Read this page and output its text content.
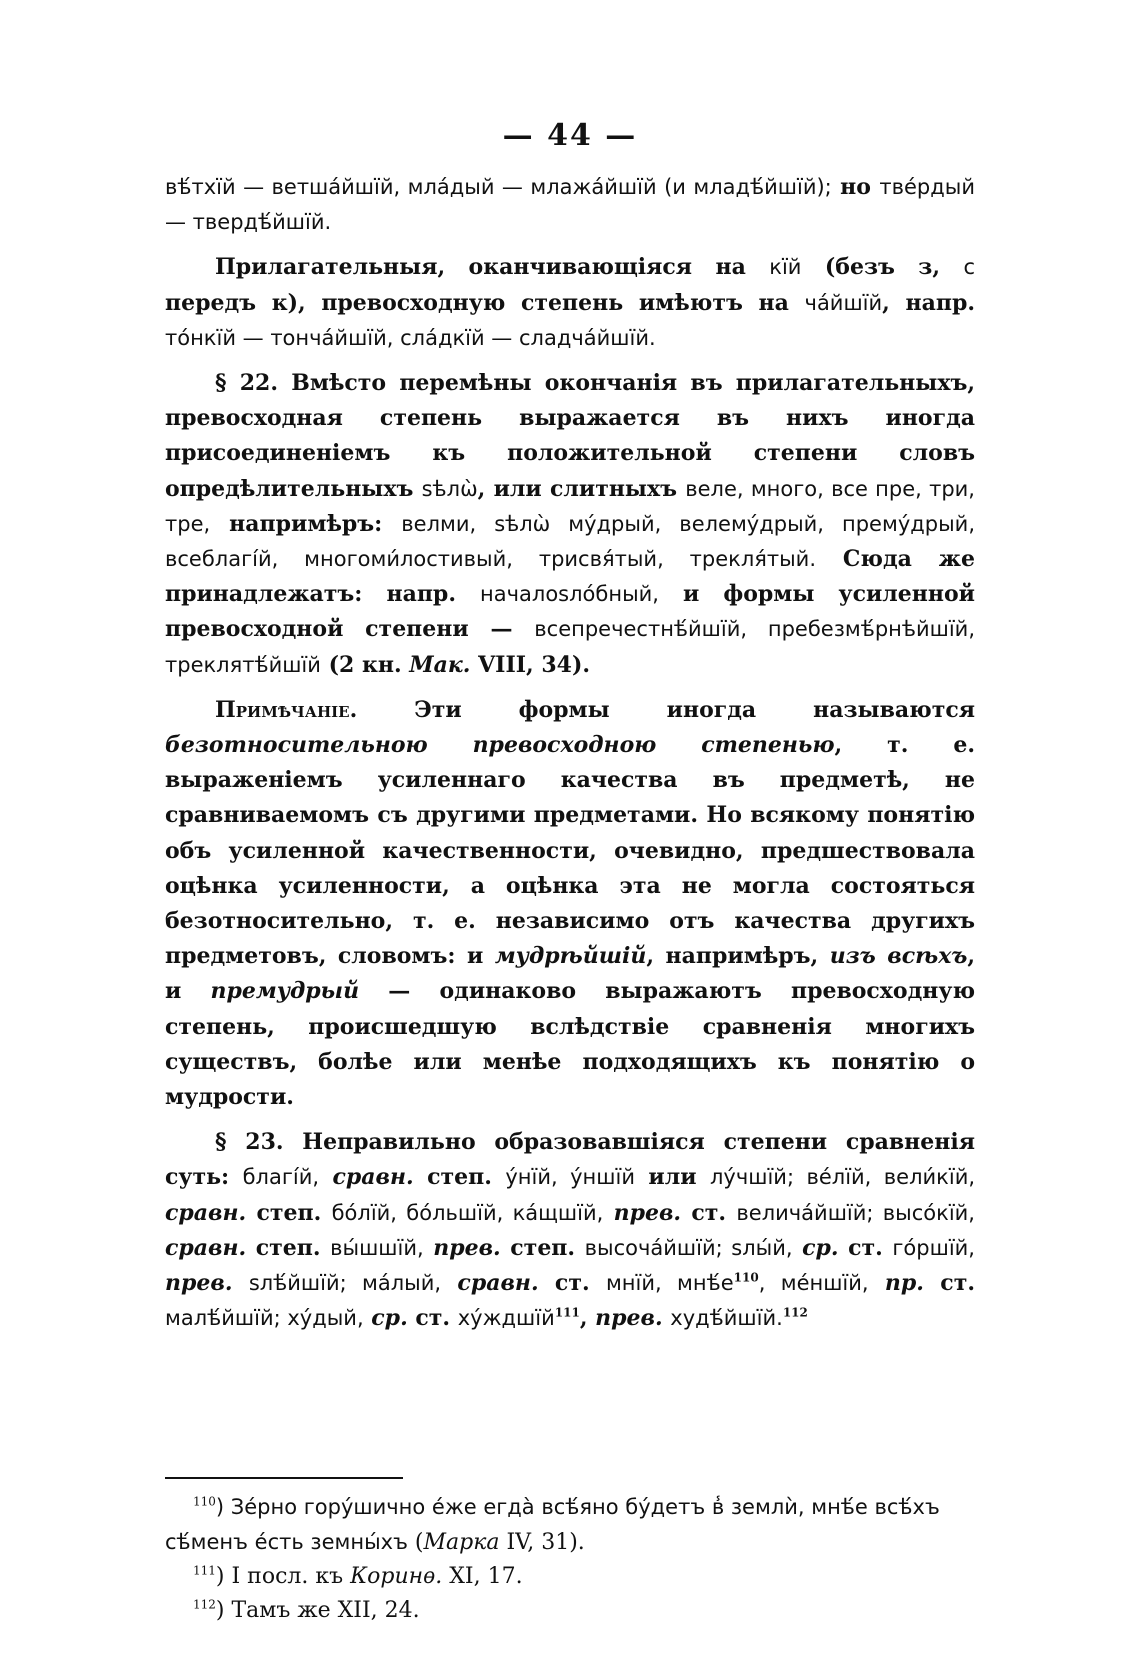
— 44 —

вѣ́тхїй — ветша́йшїй, мла́дый — млажа́йшїй (и младѣ́йшїй); но тве́рдый — твердѣ́йшїй.

Прилагательныя, оканчивающіяся на кїй (безъ з, с передъ к), превосходную степень имѣютъ на ча́йшїй, напр. то́нкїй — тонча́йшїй, сла́дкїй — сладча́йшїй.

§ 22. Вмѣсто перемѣны окончанія въ прилагательныхъ, превосходная степень выражается въ нихъ иногда присоединеніемъ къ положительной степени словъ опредѣлительныхъ ѕѣлѡ̀, или слитныхъ веле, много, все пре, три, тре, напримѣръ: велми, ѕѣлѡ̀ му́дрый, велему́дрый, прему́дрый, всеблагі́й, многоми́лостивый, трисвя́тый, трекля́тый. Сюда же принадлежатъ: напр. началоѕло́бный, и формы усиленной превосходной степени — всепречестнѣ́йшїй, пребезмѣ́рнѣйшїй, треклятѣ́йшїй (2 кн. Мак. VIII, 34).

Примѣчаніе. Эти формы иногда называются безотносительною превосходною степенью, т. е. выраженіемъ усиленнаго качества въ предметѣ, не сравниваемомъ съ другими предметами. Но всякому понятію объ усиленной качественности, очевидно, предшествовала оцѣнка усиленности, а оцѣнка эта не могла состояться безотносительно, т. е. независимо отъ качества другихъ предметовъ, словомъ: и мудрѣйшій, напримѣръ, изъ всѣхъ, и премудрый — одинаково выражаютъ превосходную степень, происшедшую вслѣдствіе сравненія многихъ существъ, болѣе или менѣе подходящихъ къ понятію о мудрости.

§ 23. Неправильно образовавшіяся степени сравненія суть: благі́й, сравн. степ. у́нїй, у́ншїй или лу́чшїй; ве́лїй, вели́кїй, сравн. степ. бо́лїй, бо́льшїй, ка́щшїй, прев. ст. велича́йшїй; высо́кїй, сравн. степ. вы́шшїй, прев. степ. высоча́йшїй; ѕлы́й, ср. ст. го́ршїй, прев. ѕлѣ́йшїй; ма́лый, сравн. ст. мнїй, $мнѣ́е^{110}$, ме́ншїй, пр. ст. малѣ́йшїй; ху́дый, ср. ст. хýждшїй$^{111}$, прев. худѣ́йшїй.$^{112}$

$^{110}$) Зе́рно гору́шично е́же егда̀ всѣ́яно бу́детъ в̾ землѝ, мнѣ́е всѣ́хъ сѣ́менъ е́сть земны́хъ (Марка IV, 31).

$^{111}$) I посл. къ Коринѳ. XI, 17.

$^{112}$) Тамъ же XII, 24.
